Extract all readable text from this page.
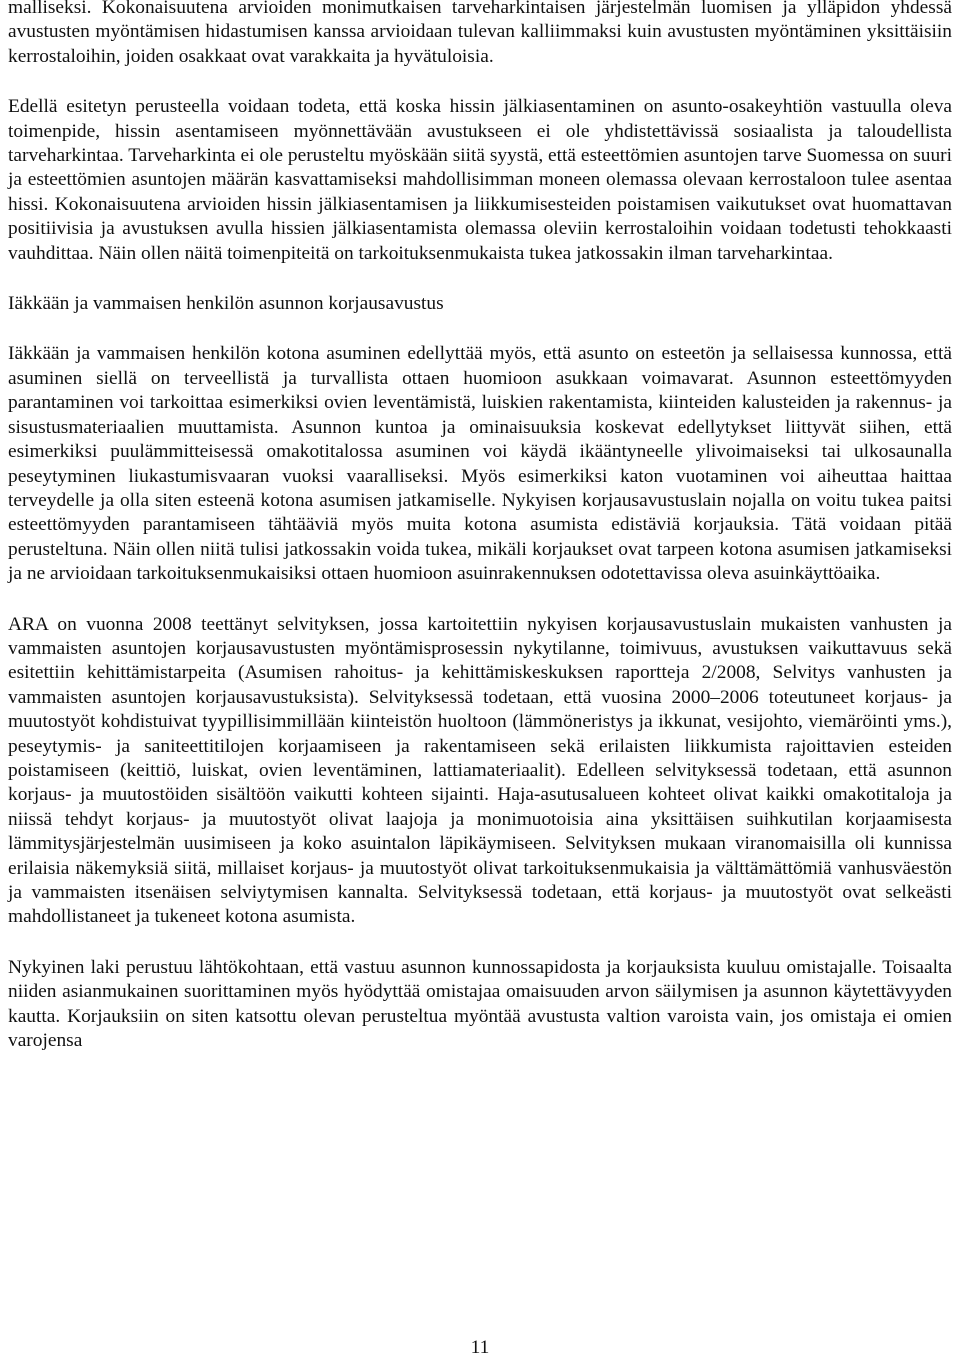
malliseksi. Kokonaisuutena arvioiden monimutkaisen tarveharkintaisen järjestelmän luomisen ja ylläpidon yhdessä avustusten myöntämisen hidastumisen kanssa arvioidaan tulevan kalliimmaksi kuin avustusten myöntäminen yksittäisiin kerrostaloihin, joiden osakkaat ovat varakkaita ja hyvätuloisia.

Edellä esitetyn perusteella voidaan todeta, että koska hissin jälkiasentaminen on asunto-osakeyhtiön vastuulla oleva toimenpide, hissin asentamiseen myönnettävään avustukseen ei ole yhdistettävissä sosiaalista ja taloudellista tarveharkintaa. Tarveharkinta ei ole perusteltu myöskään siitä syystä, että esteettömien asuntojen tarve Suomessa on suuri ja esteettömien asuntojen määrän kasvattamiseksi mahdollisimman moneen olemassa olevaan kerrostaloon tulee asentaa hissi. Kokonaisuutena arvioiden hissin jälkiasentamisen ja liikkumisesteiden poistamisen vaikutukset ovat huomattavan positiivisia ja avustuksen avulla hissien jälkiasentamista olemassa oleviin kerrostaloihin voidaan todetusti tehokkaasti vauhdittaa. Näin ollen näitä toimenpiteitä on tarkoituksenmukaista tukea jatkossakin ilman tarveharkintaa.

Iäkkään ja vammaisen henkilön asunnon korjausavustus

Iäkkään ja vammaisen henkilön kotona asuminen edellyttää myös, että asunto on esteetön ja sellaisessa kunnossa, että asuminen siellä on terveellistä ja turvallista ottaen huomioon asukkaan voimavarat. Asunnon esteettömyyden parantaminen voi tarkoittaa esimerkiksi ovien leventämistä, luiskien rakentamista, kiinteiden kalusteiden ja rakennus- ja sisustusmateriaalien muuttamista. Asunnon kuntoa ja ominaisuuksia koskevat edellytykset liittyvät siihen, että esimerkiksi puulämmitteisessä omakotitalossa asuminen voi käydä ikääntyneelle ylivoimaiseksi tai ulkosaunalla peseytyminen liukastumisvaaran vuoksi vaaralliseksi. Myös esimerkiksi katon vuotaminen voi aiheuttaa haittaa terveydelle ja olla siten esteenä kotona asumisen jatkamiselle. Nykyisen korjausavustuslain nojalla on voitu tukea paitsi esteettömyyden parantamiseen tähtääviä myös muita kotona asumista edistäviä korjauksia. Tätä voidaan pitää perusteltuna. Näin ollen niitä tulisi jatkossakin voida tukea, mikäli korjaukset ovat tarpeen kotona asumisen jatkamiseksi ja ne arvioidaan tarkoituksenmukaisiksi ottaen huomioon asuinrakennuksen odotettavissa oleva asuinkäyttöaika.

ARA on vuonna 2008 teettänyt selvityksen, jossa kartoitettiin nykyisen korjausavustuslain mukaisten vanhusten ja vammaisten asuntojen korjausavustusten myöntämisprosessin nykytilanne, toimivuus, avustuksen vaikuttavuus sekä esitettiin kehittämistarpeita (Asumisen rahoitus- ja kehittämiskeskuksen raportteja 2/2008, Selvitys vanhusten ja vammaisten asuntojen korjausavustuksista). Selvityksessä todetaan, että vuosina 2000–2006 toteutuneet korjaus- ja muutostyöt kohdistuivat tyypillisimmillään kiinteistön huoltoon (lämmöneristys ja ikkunat, vesijohto, viemäröinti yms.), peseytymis- ja saniteettitilojen korjaamiseen ja rakentamiseen sekä erilaisten liikkumista rajoittavien esteiden poistamiseen (keittiö, luiskat, ovien leventäminen, lattiamateriaalit). Edelleen selvityksessä todetaan, että asunnon korjaus- ja muutostöiden sisältöön vaikutti kohteen sijainti. Haja-asutusalueen kohteet olivat kaikki omakotitaloja ja niissä tehdyt korjaus- ja muutostyöt olivat laajoja ja monimuotoisia aina yksittäisen suihkutilan korjaamisesta lämmitysjärjestelmän uusimiseen ja koko asuintalon läpikäymiseen. Selvityksen mukaan viranomaisilla oli kunnissa erilaisia näkemyksiä siitä, millaiset korjaus- ja muutostyöt olivat tarkoituksenmukaisia ja välttämättömiä vanhusväestön ja vammaisten itsenäisen selviytymisen kannalta. Selvityksessä todetaan, että korjaus- ja muutostyöt ovat selkeästi mahdollistaneet ja tukeneet kotona asumista.

Nykyinen laki perustuu lähtökohtaan, että vastuu asunnon kunnossapidosta ja korjauksista kuuluu omistajalle. Toisaalta niiden asianmukainen suorittaminen myös hyödyttää omistajaa omaisuuden arvon säilymisen ja asunnon käytettävyyden kautta. Korjauksiin on siten katsottu olevan perusteltua myöntää avustusta valtion varoista vain, jos omistaja ei omien varojensa

11
